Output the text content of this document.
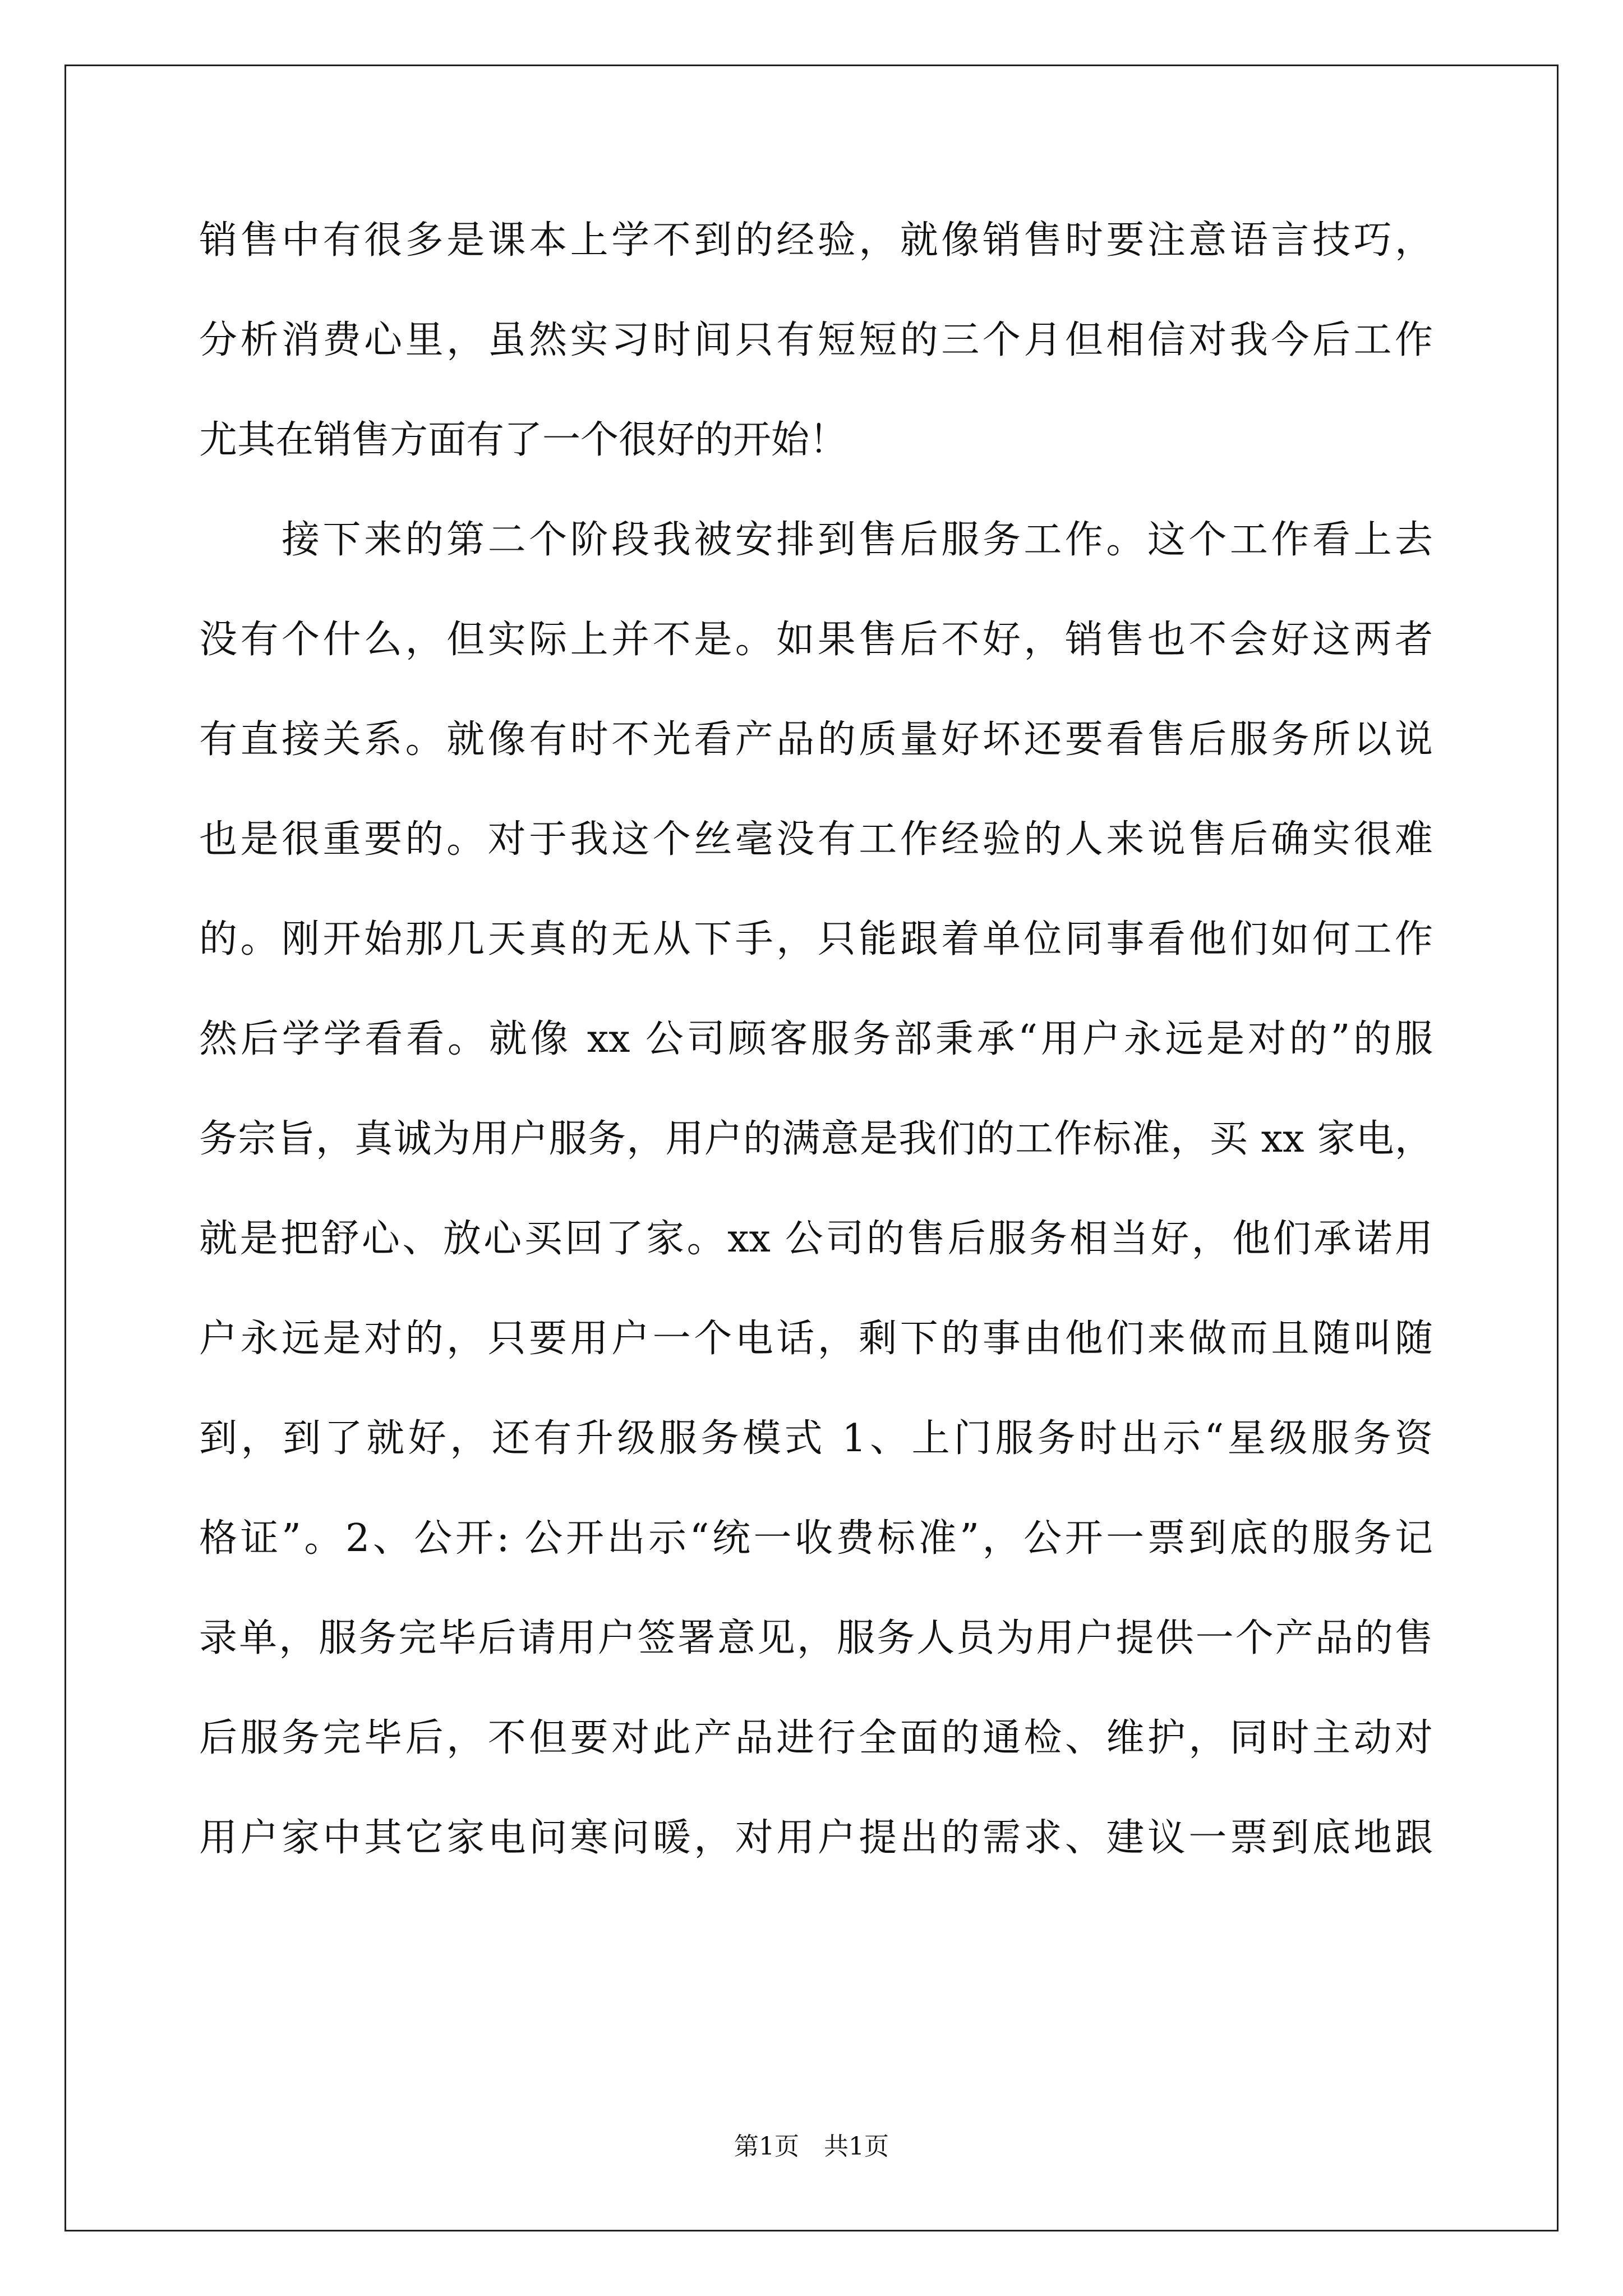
销售中有很多是课本上学不到的经验，就像销售时要注意语言技巧，
分析消费心里，虽然实习时间只有短短的三个月但相信对我今后工作
尤其在销售方面有了一个很好的开始！
　　接下来的第二个阶段我被安排到售后服务工作。这个工作看上去
没有个什么，但实际上并不是。如果售后不好，销售也不会好这两者
有直接关系。就像有时不光看产品的质量好坏还要看售后服务所以说
也是很重要的。对于我这个丝毫没有工作经验的人来说售后确实很难
的。刚开始那几天真的无从下手，只能跟着单位同事看他们如何工作
然后学学看看。就像 xx 公司顾客服务部秉承“用户永远是对的”的服
务宗旨，真诚为用户服务，用户的满意是我们的工作标准，买 xx 家电，
就是把舒心、放心买回了家。xx 公司的售后服务相当好，他们承诺用
户永远是对的，只要用户一个电话，剩下的事由他们来做而且随叫随
到，到了就好，还有升级服务模式 1、上门服务时出示“星级服务资
格证”。2、公开: 公开出示“统一收费标准”，公开一票到底的服务记
录单，服务完毕后请用户签署意见，服务人员为用户提供一个产品的售
后服务完毕后，不但要对此产品进行全面的通检、维护，同时主动对
用户家中其它家电问寒问暖，对用户提出的需求、建议一票到底地跟
第1页　共1页
